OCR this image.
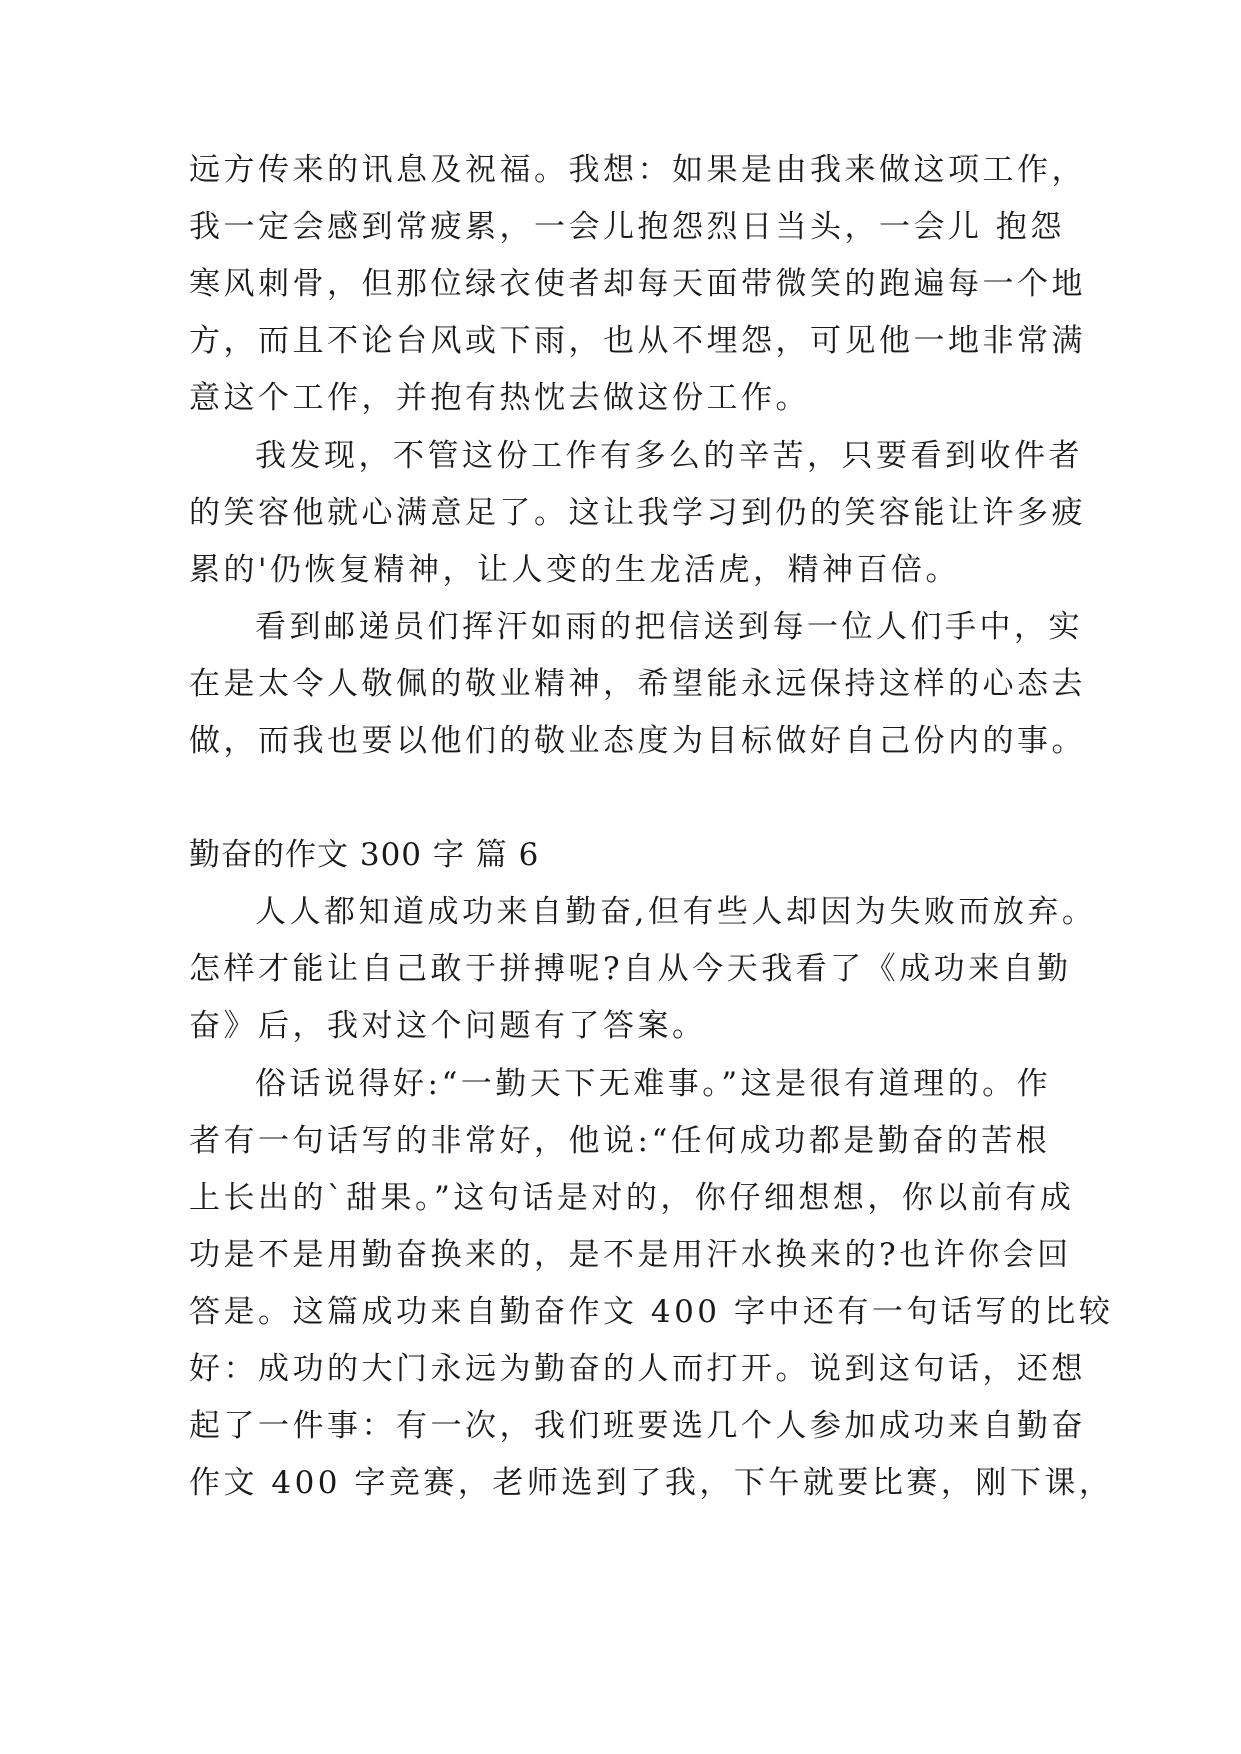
远方传来的讯息及祝福。我想：如果是由我来做这项工作，
我一定会感到常疲累，一会儿抱怨烈日当头，一会儿 抱怨
寒风刺骨，但那位绿衣使者却每天面带微笑的跑遍每一个地
方，而且不论台风或下雨，也从不埋怨，可见他一地非常满
意这个工作，并抱有热忱去做这份工作。
我发现，不管这份工作有多么的辛苦，只要看到收件者
的笑容他就心满意足了。这让我学习到仍的笑容能让许多疲
累的'仍恢复精神，让人变的生龙活虎，精神百倍。
看到邮递员们挥汗如雨的把信送到每一位人们手中，实
在是太令人敬佩的敬业精神，希望能永远保持这样的心态去
做，而我也要以他们的敬业态度为目标做好自己份内的事。
勤奋的作文 300 字 篇 6
人人都知道成功来自勤奋,但有些人却因为失败而放弃。
怎样才能让自己敢于拼搏呢?自从今天我看了《成功来自勤
奋》后，我对这个问题有了答案。
俗话说得好:“一勤天下无难事。”这是很有道理的。作
者有一句话写的非常好，他说:“任何成功都是勤奋的苦根
上长出的`甜果。”这句话是对的，你仔细想想，你以前有成
功是不是用勤奋换来的，是不是用汗水换来的?也许你会回
答是。这篇成功来自勤奋作文 400 字中还有一句话写的比较
好：成功的大门永远为勤奋的人而打开。说到这句话，还想
起了一件事：有一次，我们班要选几个人参加成功来自勤奋
作文 400 字竞赛，老师选到了我，下午就要比赛，刚下课，
